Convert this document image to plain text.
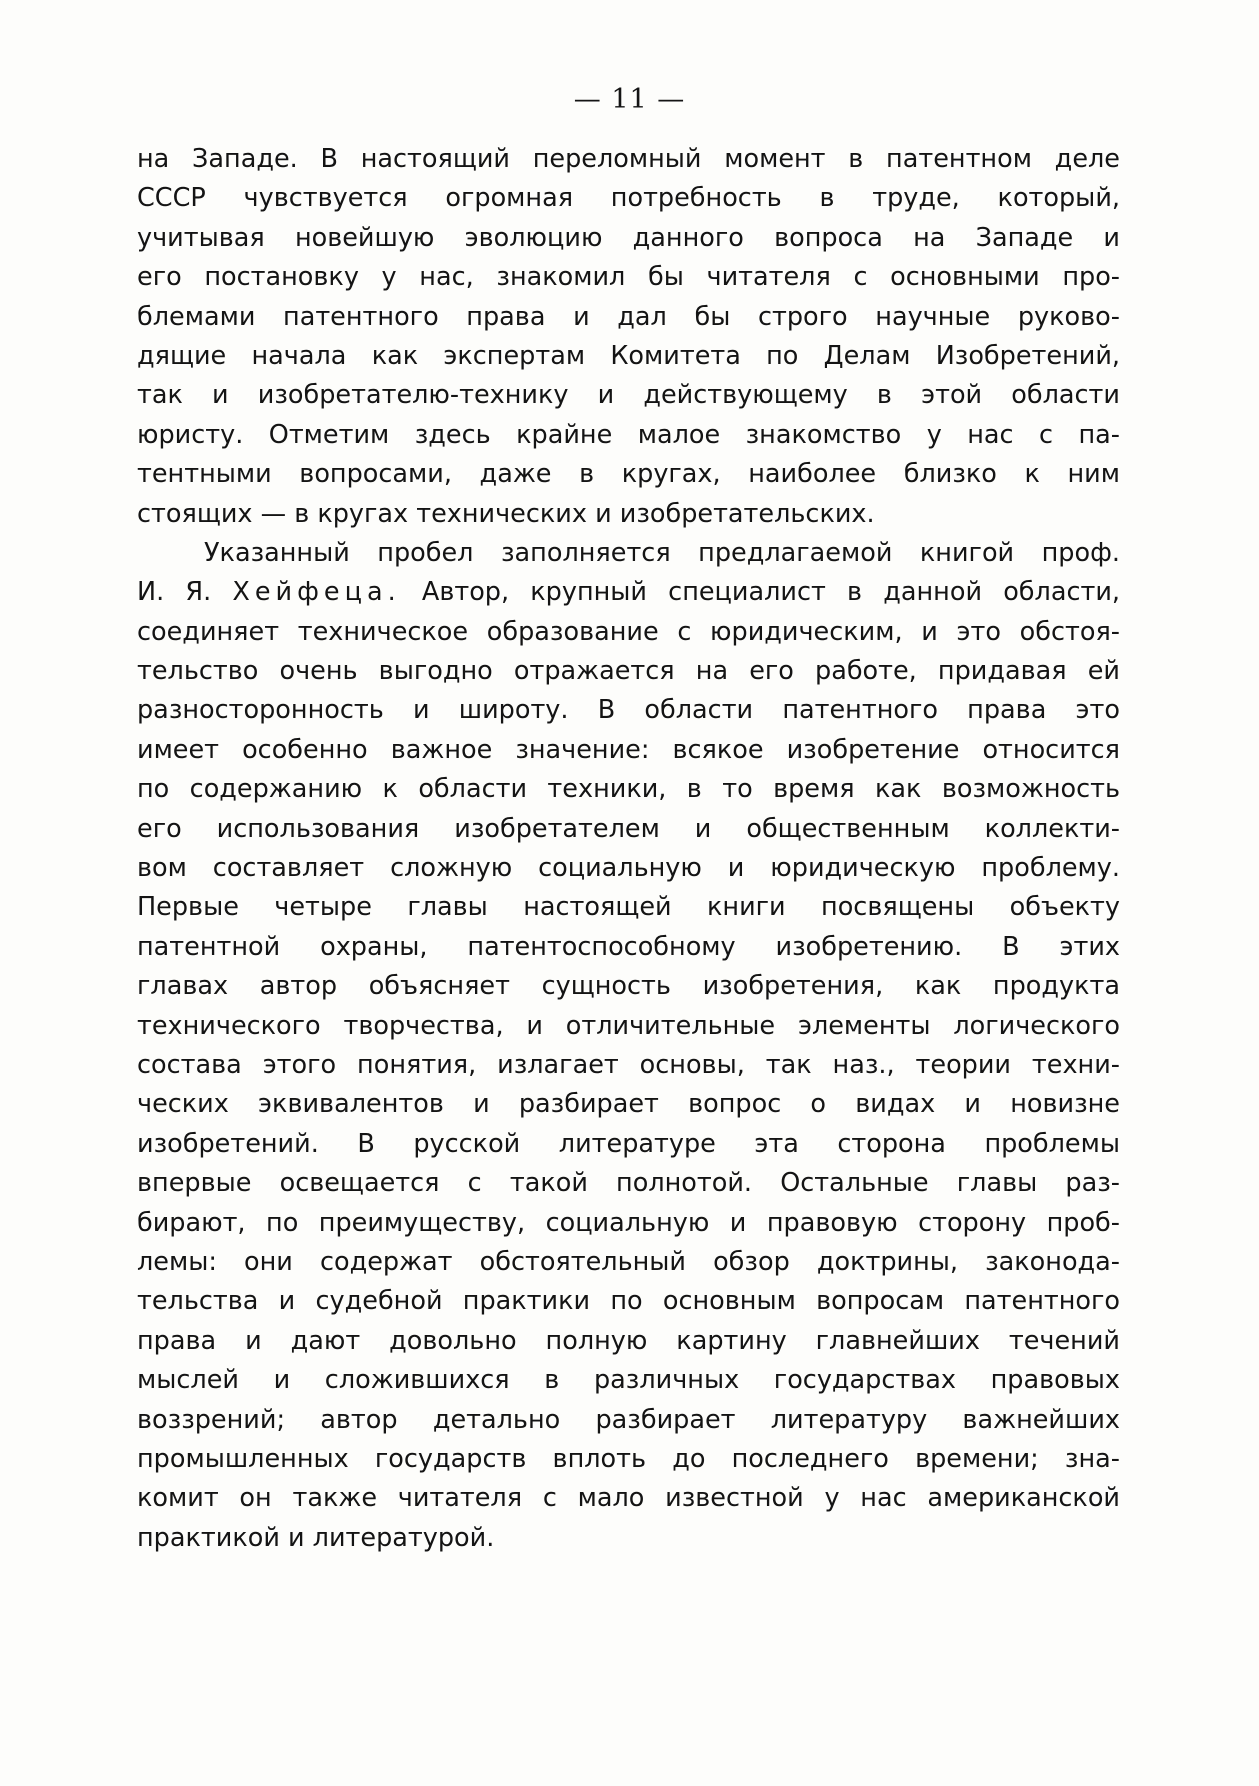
— 11 —
на Западе. В настоящий переломный момент в патентном деле
СССР чувствуется огромная потребность в труде, который,
учитывая новейшую эволюцию данного вопроса на Западе и
его постановку у нас, знакомил бы читателя с основными про-
блемами патентного права и дал бы строго научные руково-
дящие начала как экспертам Комитета по Делам Изобретений,
так и изобретателю-технику и действующему в этой области
юристу. Отметим здесь крайне малое знакомство у нас с па-
тентными вопросами, даже в кругах, наиболее близко к ним
стоящих — в кругах технических и изобретательских.
Указанный пробел заполняется предлагаемой книгой проф.
И. Я. Хейфеца. Автор, крупный специалист в данной области,
соединяет техническое образование с юридическим, и это обстоя-
тельство очень выгодно отражается на его работе, придавая ей
разносторонность и широту. В области патентного права это
имеет особенно важное значение: всякое изобретение относится
по содержанию к области техники, в то время как возможность
его использования изобретателем и общественным коллекти-
вом составляет сложную социальную и юридическую проблему.
Первые четыре главы настоящей книги посвящены объекту
патентной охраны, патентоспособному изобретению. В этих
главах автор объясняет сущность изобретения, как продукта
технического творчества, и отличительные элементы логического
состава этого понятия, излагает основы, так наз., теории техни-
ческих эквивалентов и разбирает вопрос о видах и новизне
изобретений. В русской литературе эта сторона проблемы
впервые освещается с такой полнотой. Остальные главы раз-
бирают, по преимуществу, социальную и правовую сторону проб-
лемы: они содержат обстоятельный обзор доктрины, законода-
тельства и судебной практики по основным вопросам патентного
права и дают довольно полную картину главнейших течений
мыслей и сложившихся в различных государствах правовых
воззрений; автор детально разбирает литературу важнейших
промышленных государств вплоть до последнего времени; зна-
комит он также читателя с мало известной у нас американской
практикой и литературой.
